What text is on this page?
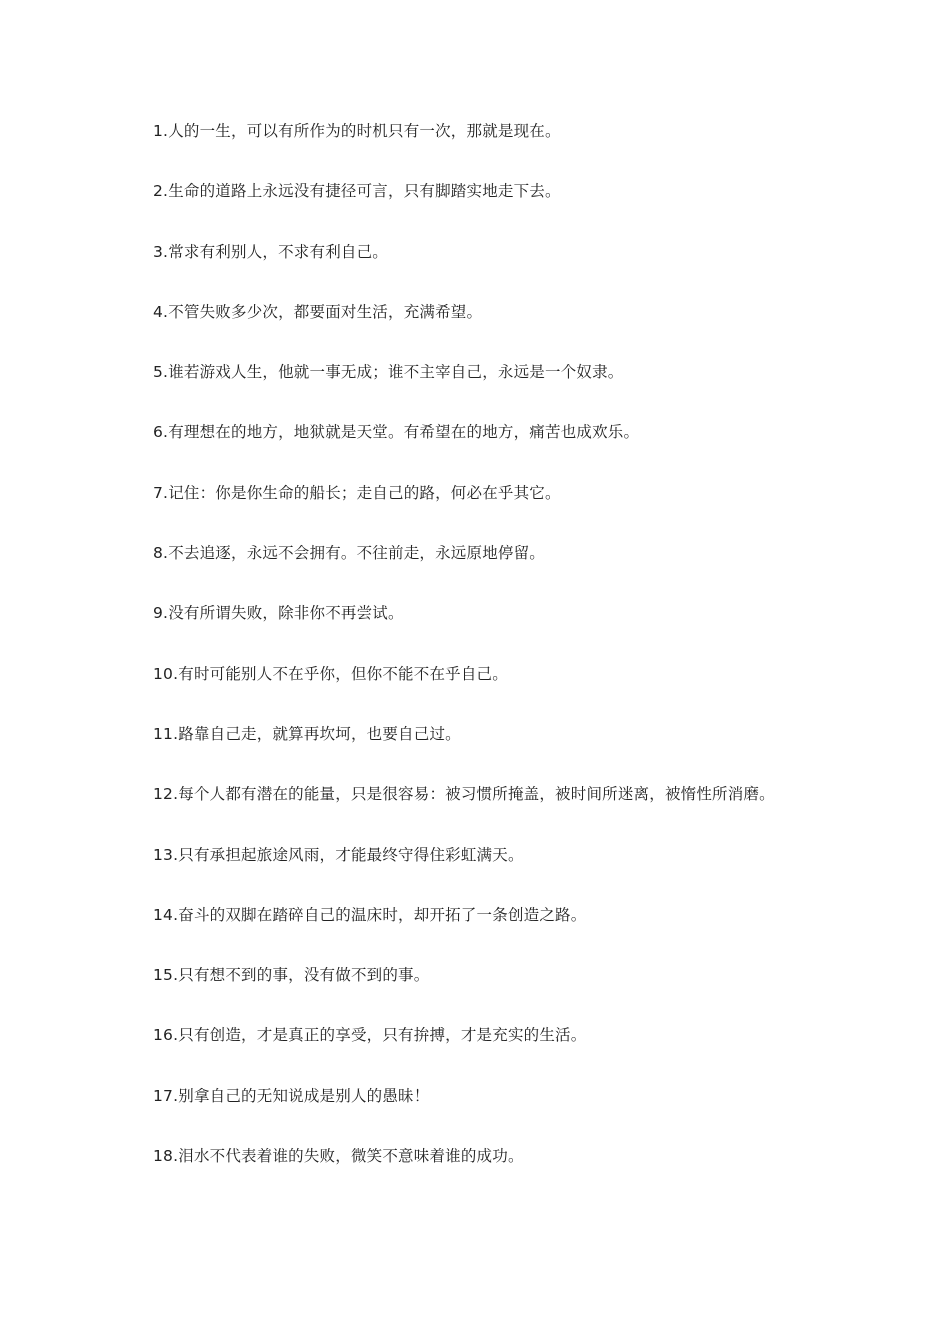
1.人的一生，可以有所作为的时机只有一次，那就是现在。
2.生命的道路上永远没有捷径可言，只有脚踏实地走下去。
3.常求有利别人，不求有利自己。
4.不管失败多少次，都要面对生活，充满希望。
5.谁若游戏人生，他就一事无成；谁不主宰自己，永远是一个奴隶。
6.有理想在的地方，地狱就是天堂。有希望在的地方，痛苦也成欢乐。
7.记住：你是你生命的船长；走自己的路，何必在乎其它。
8.不去追逐，永远不会拥有。不往前走，永远原地停留。
9.没有所谓失败，除非你不再尝试。
10.有时可能别人不在乎你，但你不能不在乎自己。
11.路靠自己走，就算再坎坷，也要自己过。
12.每个人都有潜在的能量，只是很容易：被习惯所掩盖，被时间所迷离，被惰性所消磨。
13.只有承担起旅途风雨，才能最终守得住彩虹满天。
14.奋斗的双脚在踏碎自己的温床时，却开拓了一条创造之路。
15.只有想不到的事，没有做不到的事。
16.只有创造，才是真正的享受，只有拚搏，才是充实的生活。
17.别拿自己的无知说成是别人的愚昧！
18.泪水不代表着谁的失败，微笑不意味着谁的成功。
